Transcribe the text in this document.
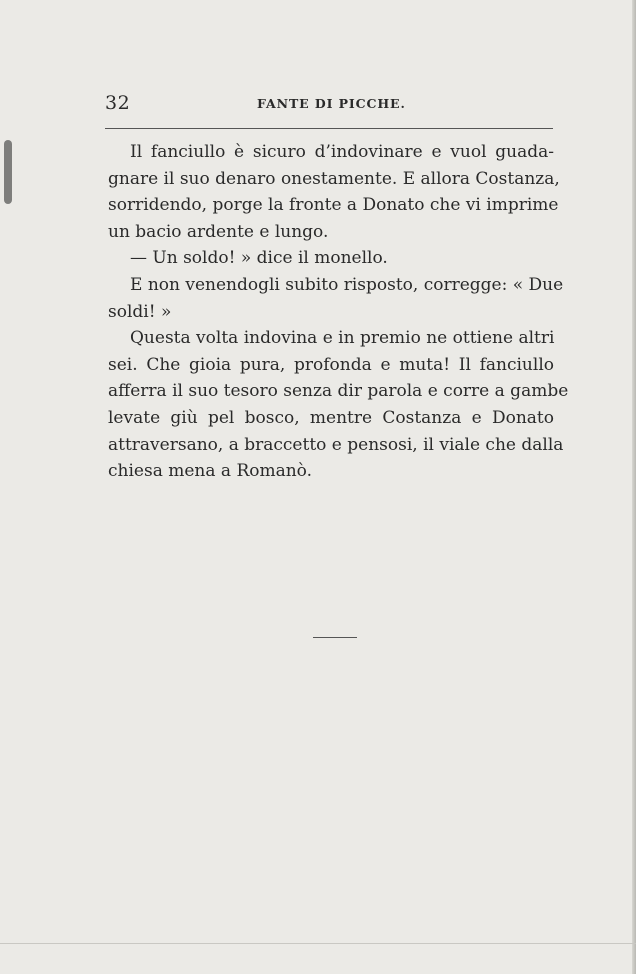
32	FANTE DI PICCHE.
Il fanciullo è sicuro d’indovinare e vuol guada-
gnare il suo denaro onestamente. E allora Costanza,
sorridendo, porge la fronte a Donato che vi imprime
un bacio ardente e lungo.
— Un soldo! » dice il monello.
E non venendogli subito risposto, corregge: « Due
soldi! »
Questa volta indovina e in premio ne ottiene altri
sei. Che gioia pura, profonda e muta! Il fanciullo
afferra il suo tesoro senza dir parola e corre a gambe
levate giù pel bosco, mentre Costanza e Donato
attraversano, a braccetto e pensosi, il viale che dalla
chiesa mena a Romanò.
